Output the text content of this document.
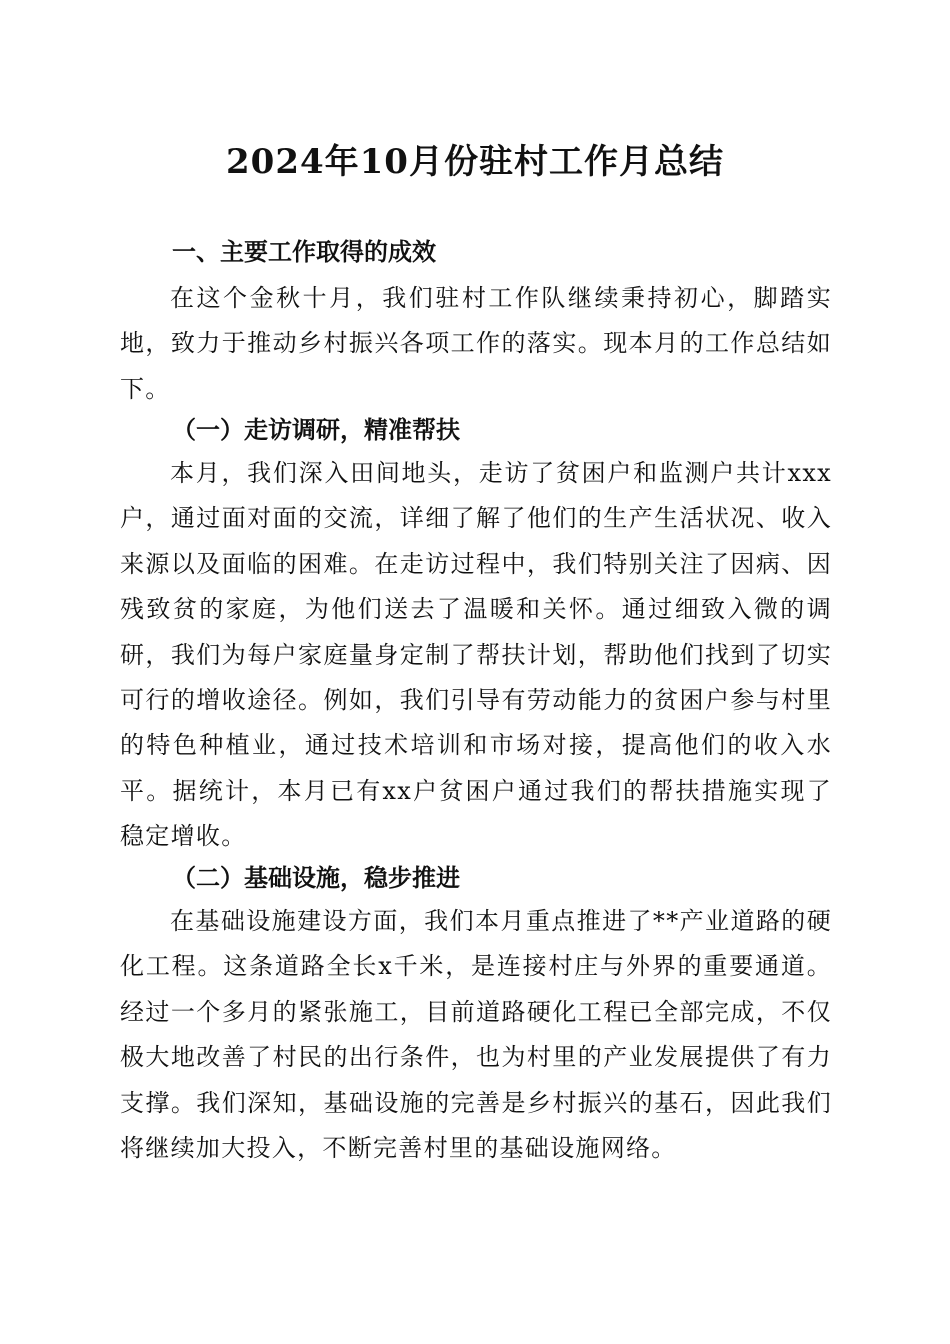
2024年10月份驻村工作月总结
一、主要工作取得的成效

在这个金秋十月，我们驻村工作队继续秉持初心，脚踏实地，致力于推动乡村振兴各项工作的落实。现本月的工作总结如下。

（一）走访调研，精准帮扶

本月，我们深入田间地头，走访了贫困户和监测户共计xxx户，通过面对面的交流，详细了解了他们的生产生活状况、收入来源以及面临的困难。在走访过程中，我们特别关注了因病、因残致贫的家庭，为他们送去了温暖和关怀。通过细致入微的调研，我们为每户家庭量身定制了帮扶计划，帮助他们找到了切实可行的增收途径。例如，我们引导有劳动能力的贫困户参与村里的特色种植业，通过技术培训和市场对接，提高他们的收入水平。据统计，本月已有xx户贫困户通过我们的帮扶措施实现了稳定增收。

（二）基础设施，稳步推进

在基础设施建设方面，我们本月重点推进了**产业道路的硬化工程。这条道路全长x千米，是连接村庄与外界的重要通道。经过一个多月的紧张施工，目前道路硬化工程已全部完成，不仅极大地改善了村民的出行条件，也为村里的产业发展提供了有力支撑。我们深知，基础设施的完善是乡村振兴的基石，因此我们将继续加大投入，不断完善村里的基础设施网络。
